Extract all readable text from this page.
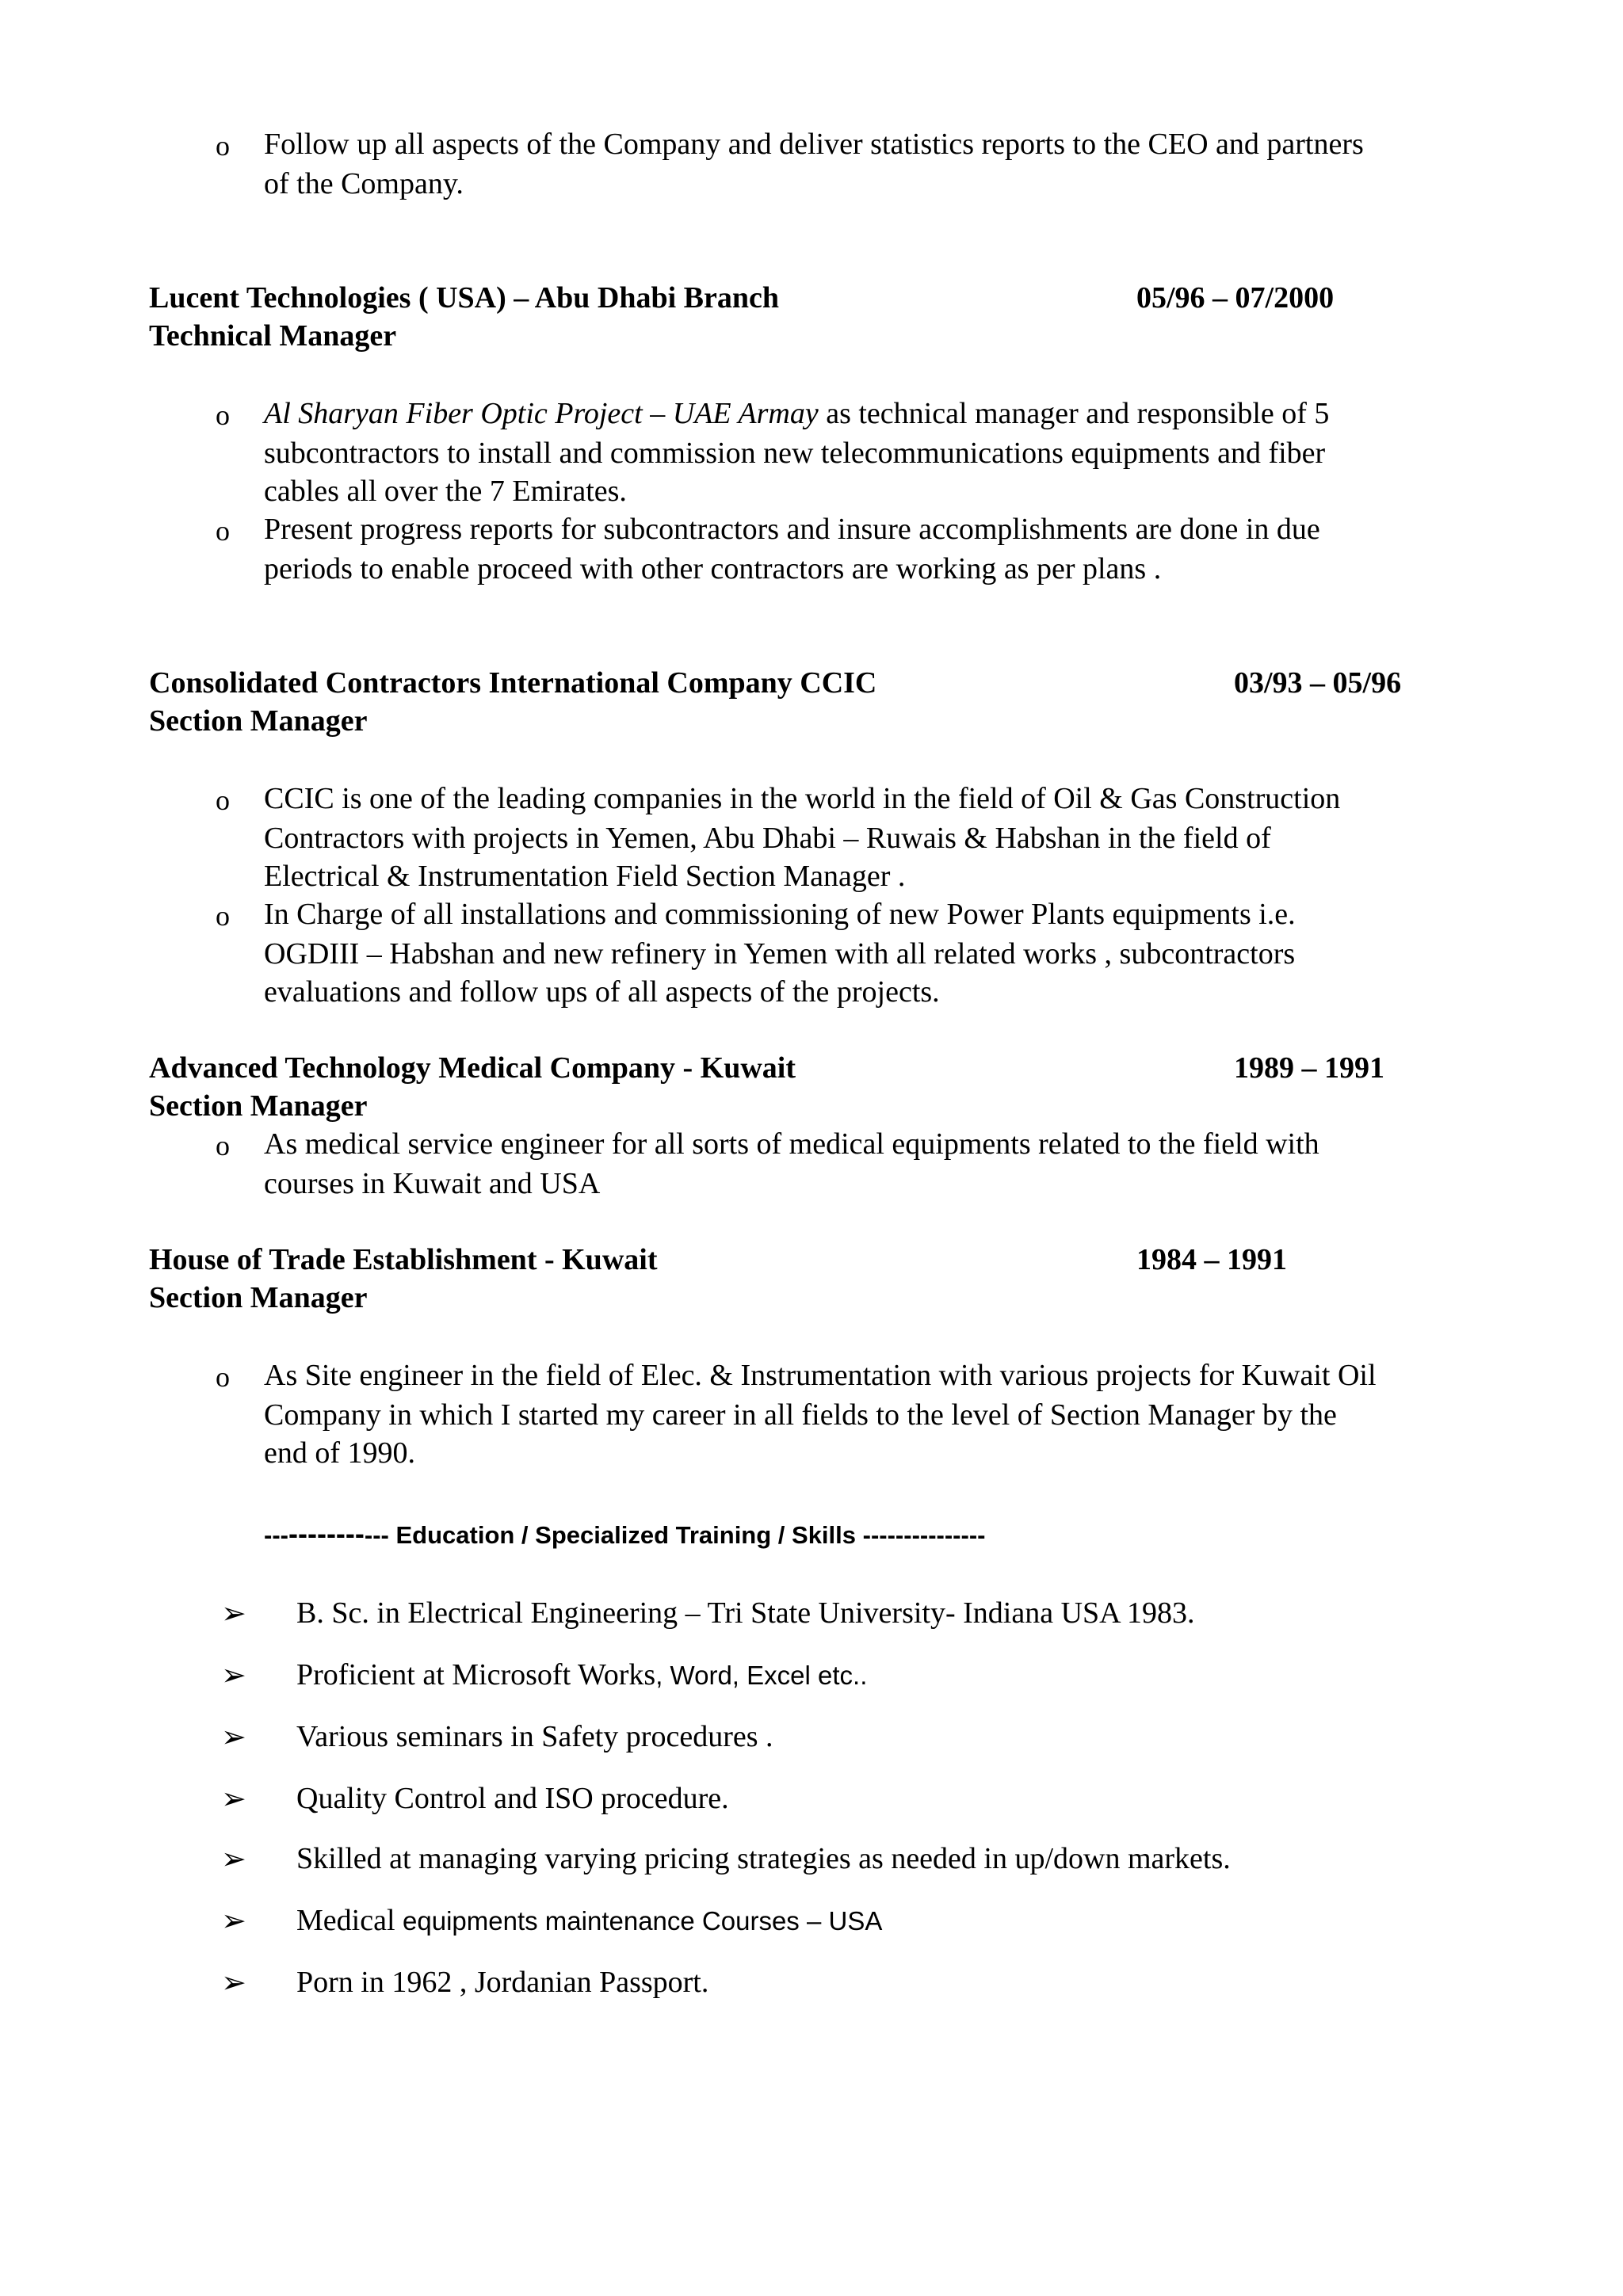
o Follow up all aspects of the Company and deliver statistics reports to the CEO and partners
of the Company.
Lucent Technologies ( USA) – Abu Dhabi Branch	05/96 – 07/2000
Technical Manager
o Al Sharyan Fiber Optic Project – UAE Armay as technical manager and responsible of 5
subcontractors to install and commission new telecommunications equipments and fiber
cables all over the 7 Emirates.
o Present progress reports for subcontractors and insure accomplishments are done in due
periods to enable proceed with other contractors are working as per plans .
Consolidated Contractors International Company CCIC	03/93 – 05/96
Section Manager
o CCIC is one of the leading companies in the world in the field of Oil & Gas Construction
Contractors with projects in Yemen, Abu Dhabi – Ruwais & Habshan in the field of
Electrical & Instrumentation Field Section Manager .
o In Charge of all installations and commissioning of new Power Plants equipments i.e.
OGDIII – Habshan and new refinery in Yemen with all related works , subcontractors
evaluations and follow ups of all aspects of the projects.
Advanced Technology Medical Company - Kuwait	1989 – 1991
Section Manager
o As medical service engineer for all sorts of medical equipments related to the field with
courses in Kuwait and USA
House of Trade Establishment - Kuwait	1984 – 1991
Section Manager
o As Site engineer in the field of Elec. & Instrumentation with various projects for Kuwait Oil
Company in which I started my career in all fields to the level of Section Manager by the
end of 1990.
-------------- Education / Specialized Training / Skills ---------------
➢ B. Sc. in Electrical Engineering – Tri State University- Indiana USA 1983.
➢ Proficient at Microsoft Works, Word, Excel etc..
➢ Various seminars in Safety procedures .
➢ Quality Control and ISO procedure.
➢ Skilled at managing varying pricing strategies as needed in up/down markets.
➢ Medical equipments maintenance Courses – USA
➢ Porn in 1962 , Jordanian Passport.
